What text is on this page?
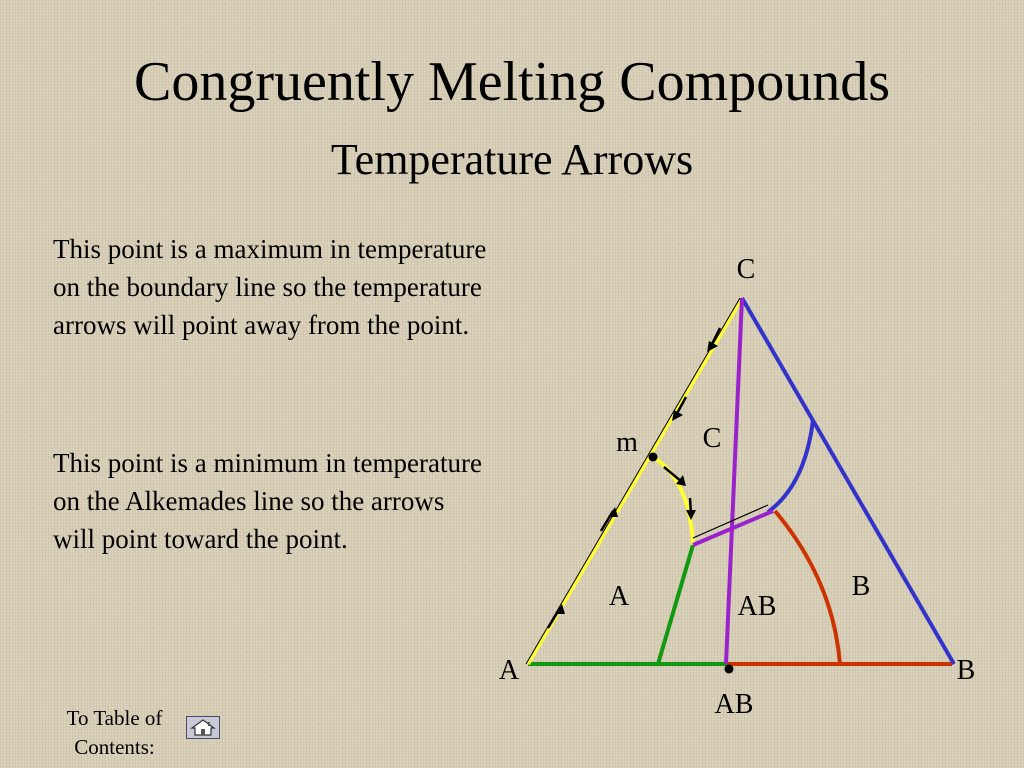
Congruently Melting Compounds
Temperature Arrows

This point is a maximum in temperature on the boundary line so the temperature arrows will point away from the point.

This point is a minimum in temperature on the Alkemades line so the arrows will point toward the point.

To Table of Contents:
C
A	B
m
AB
C
A	AB
B
